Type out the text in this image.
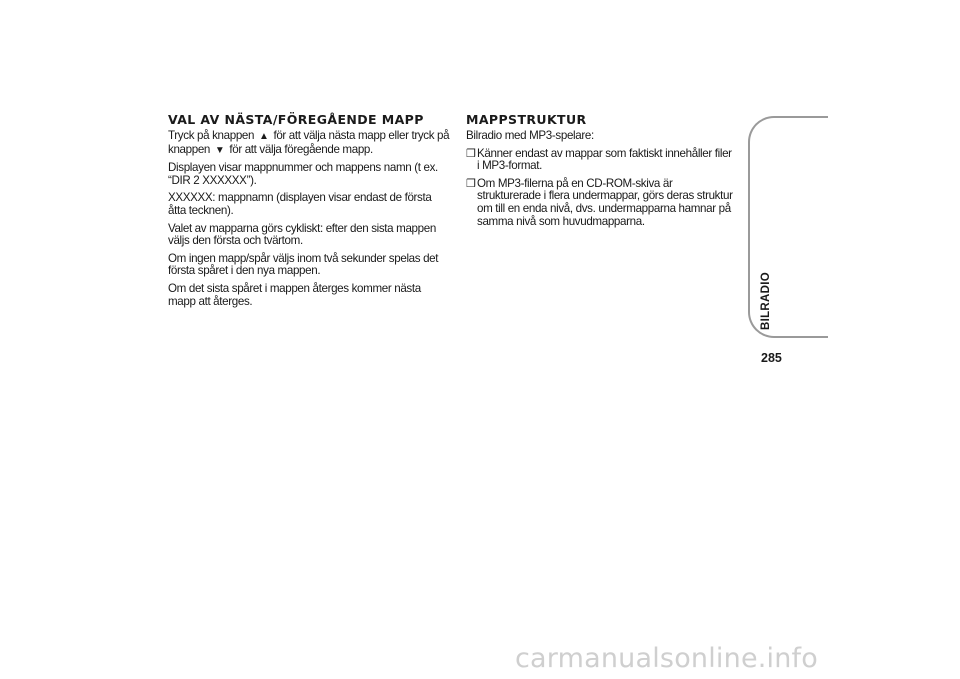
VAL AV NÄSTA/FÖREGÅENDE MAPP

Tryck på knappen ▲ för att välja nästa mapp eller tryck på knappen ▼ för att välja föregående mapp.

Displayen visar mappnummer och mappens namn (t ex. “DIR 2 XXXXXX”).

XXXXXX: mappnamn (displayen visar endast de första åtta tecknen).

Valet av mapparna görs cykliskt: efter den sista mappen väljs den första och tvärtom.

Om ingen mapp/spår väljs inom två sekunder spelas det första spåret i den nya mappen.

Om det sista spåret i mappen återges kommer nästa mapp att återges.

MAPPSTRUKTUR

Bilradio med MP3-spelare:

❒ Känner endast av mappar som faktiskt innehåller filer i MP3-format.
❒ Om MP3-filerna på en CD-ROM-skiva är strukturerade i flera undermappar, görs deras struktur om till en enda nivå, dvs. undermapparna hamnar på samma nivå som huvudmapparna.
BILRADIO
285
carmanualsonline.info
